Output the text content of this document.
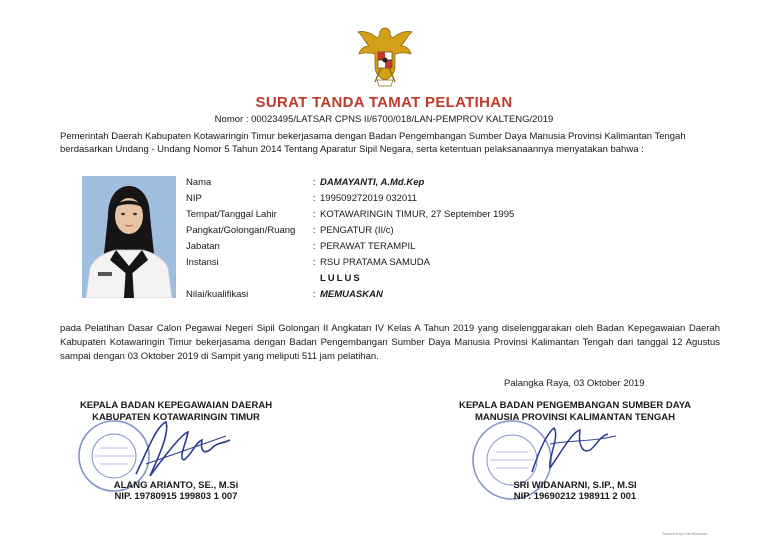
SURAT TANDA TAMAT PELATIHAN
Nomor : 00023495/LATSAR CPNS II/6700/018/LAN-PEMPROV KALTENG/2019
Pemerintah Daerah Kabupaten Kotawaringin Timur bekerjasama dengan Badan Pengembangan Sumber Daya Manusia Provinsi Kalimantan Tengah berdasarkan Undang - Undang Nomor 5 Tahun 2014 Tentang Aparatur Sipil Negara, serta ketentuan pelaksanaannya menyatakan bahwa :
Nama	: DAMAYANTI, A.Md.Kep
NIP	: 199509272019 032011
Tempat/Tanggal Lahir	: KOTAWARINGIN TIMUR, 27 September 1995
Pangkat/Golongan/Ruang : PENGATUR (II/c)
Jabatan	: PERAWAT TERAMPIL
Instansi	: RSU PRATAMA SAMUDA
LULUS
Nilai/kualifikasi	: MEMUASKAN
pada Pelatihan Dasar Calon Pegawai Negeri Sipil Golongan II Angkatan IV Kelas A Tahun 2019 yang diselenggarakan oleh Badan Kepegawaian Daerah Kabupaten Kotawaringin Timur bekerjasama dengan Badan Pengembangan Sumber Daya Manusia Provinsi Kalimantan Tengah dari tanggal 12 Agustus sampai dengan 03 Oktober 2019 di Sampit yang meliputi 511 jam pelatihan.
Palangka Raya, 03 Oktober 2019
KEPALA BADAN KEPEGAWAIAN DAERAH
KABUPATEN KOTAWARINGIN TIMUR
ALANG ARIANTO, SE., M.Si
NIP. 19780915 199803 1 007
KEPALA BADAN PENGEMBANGAN SUMBER DAYA
MANUSIA PROVINSI KALIMANTAN TENGAH
SRI WIDANARNI, S.IP., M.SI
NIP. 19690212 198911 2 001
Scanned by CamScanner
